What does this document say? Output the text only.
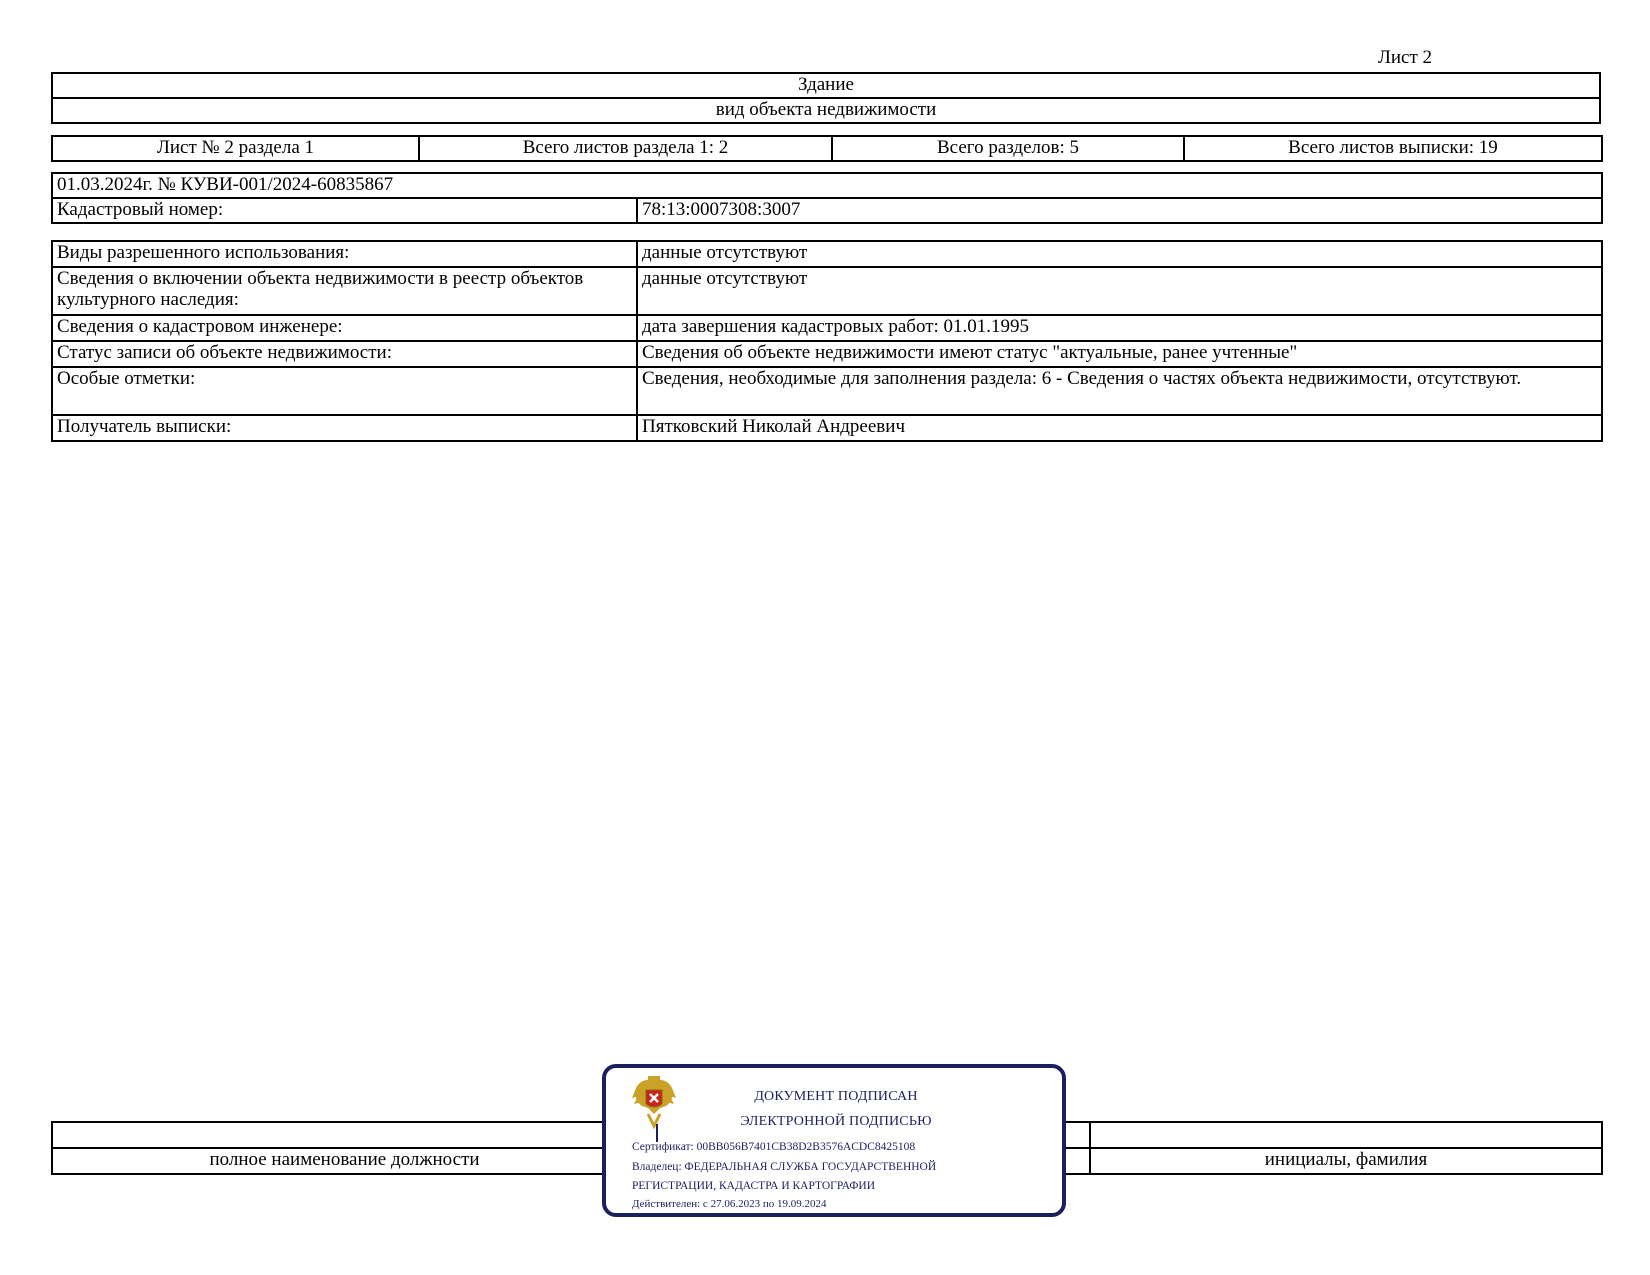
Лист 2
Здание
вид объекта недвижимости
Лист № 2 раздела 1	Всего листов раздела 1: 2	Всего разделов: 5	Всего листов выписки: 19
01.03.2024г. № КУВИ-001/2024-60835867
Кадастровый номер:	78:13:0007308:3007
Виды разрешенного использования:	данные отсутствуют
Сведения о включении объекта недвижимости в реестр объектов культурного наследия:	данные отсутствуют
Сведения о кадастровом инженере:	дата завершения кадастровых работ: 01.01.1995
Статус записи об объекте недвижимости:	Сведения об объекте недвижимости имеют статус "актуальные, ранее учтенные"
Особые отметки:	Сведения, необходимые для заполнения раздела: 6 - Сведения о частях объекта недвижимости, отсутствуют.
Получатель выписки:	Пятковский Николай Андреевич

полное наименование должности		инициалы, фамилия
ДОКУМЕНТ ПОДПИСАН
ЭЛЕКТРОННОЙ ПОДПИСЬЮ
Сертификат: 00BB056B7401CB38D2B3576ACDC8425108
Владелец: ФЕДЕРАЛЬНАЯ СЛУЖБА ГОСУДАРСТВЕННОЙ
РЕГИСТРАЦИИ, КАДАСТРА И КАРТОГРАФИИ
Действителен: с 27.06.2023 по 19.09.2024
